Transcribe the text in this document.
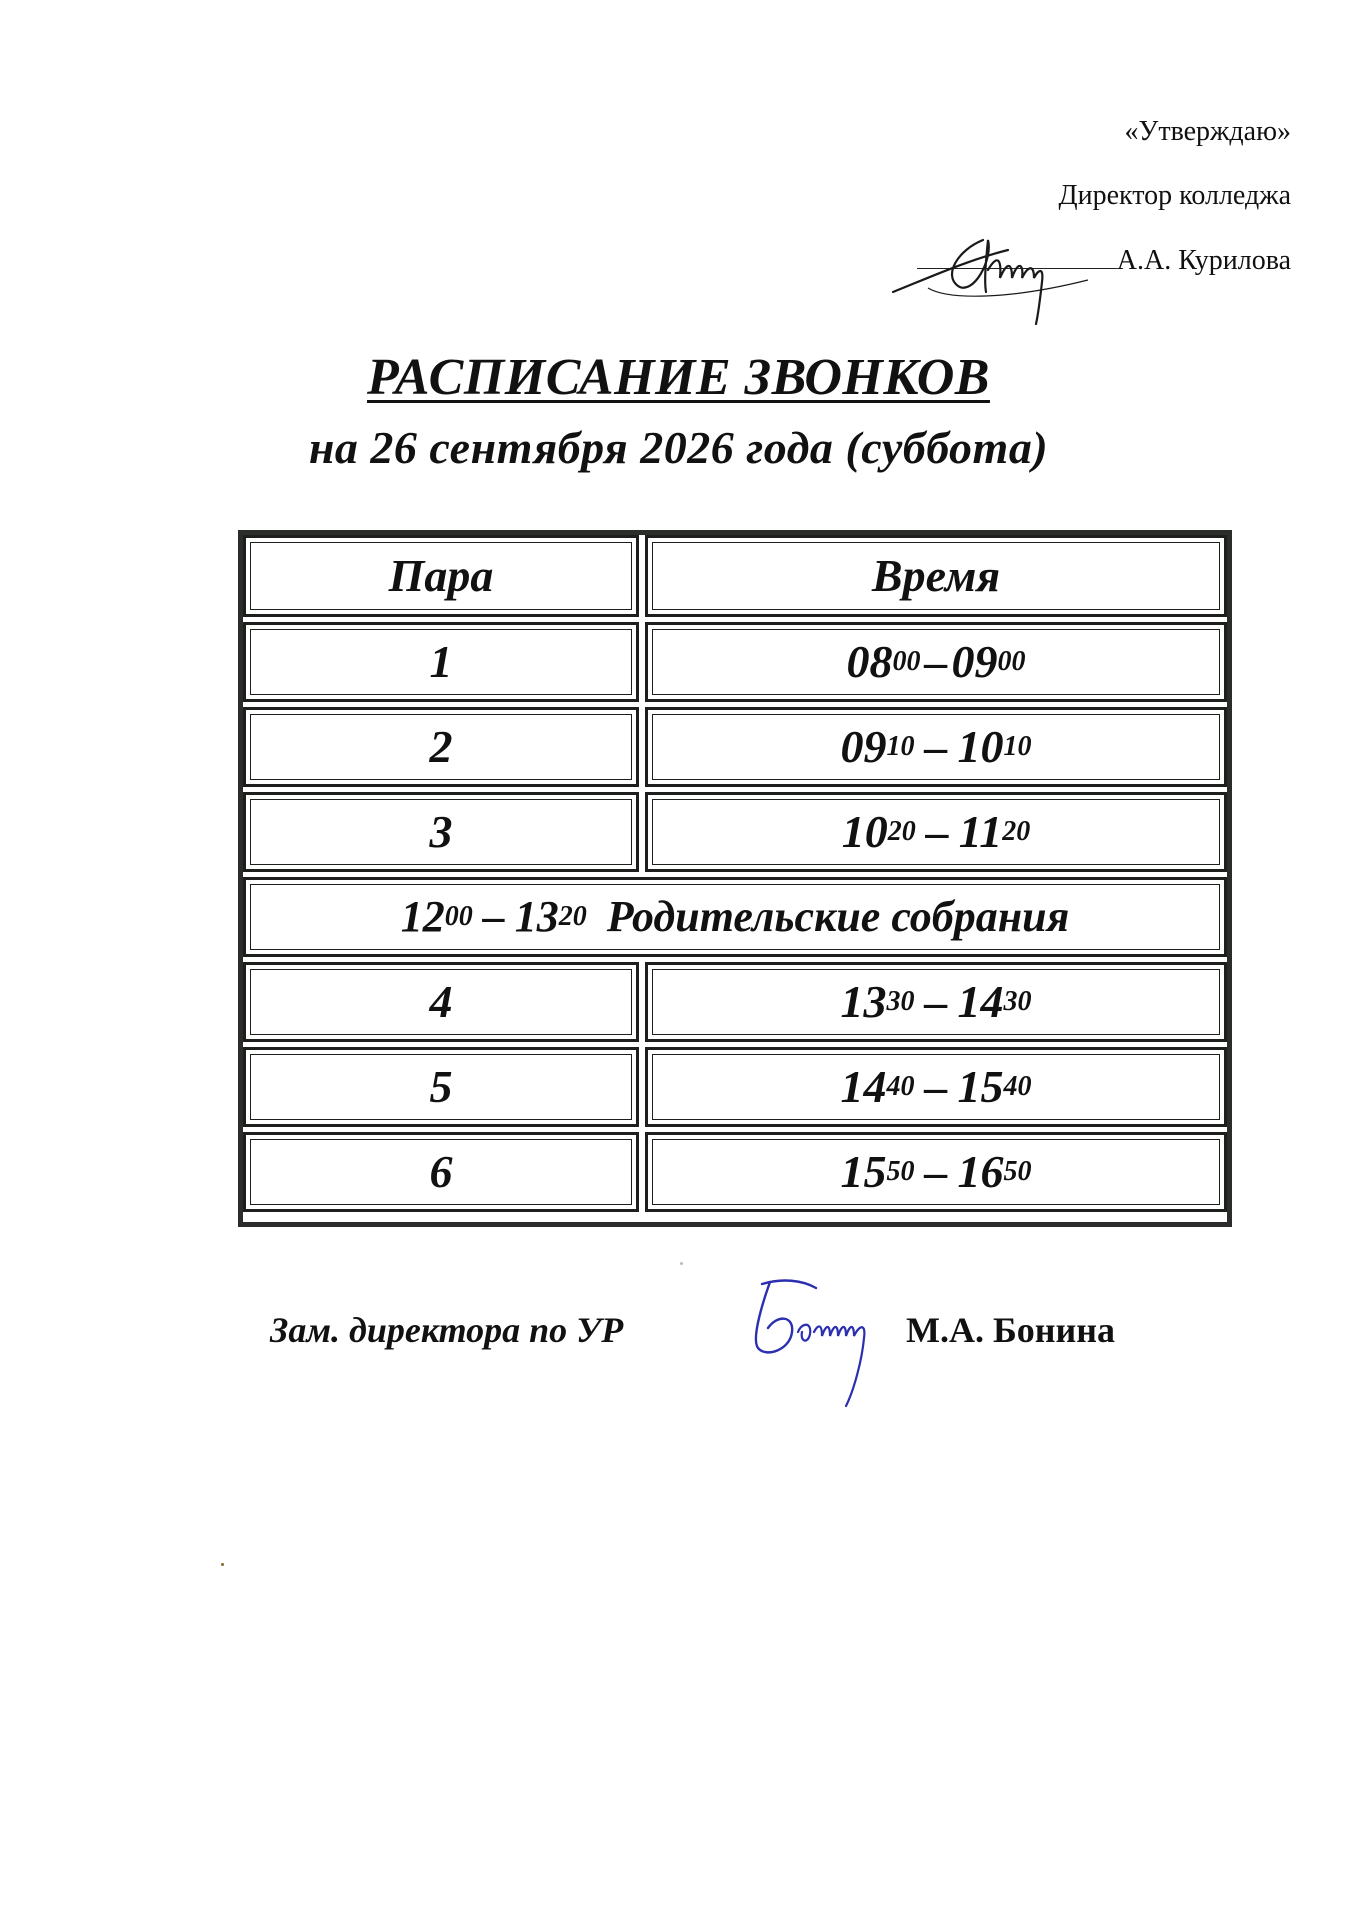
«Утверждаю»
Директор колледжа
А.А. Курилова
РАСПИСАНИЕ ЗВОНКОВ
на 26 сентября 2026 года (суббота)
Пара	Время
1	08 00 – 09 00
2	09 10 – 10 10
3	10 20 – 11 20
12 00 – 13 20 Родительские собрания
4	13 30 – 14 30
5	14 40 – 15 40
6	15 50 – 16 50
Зам. директора по УР	М.А. Бонина
